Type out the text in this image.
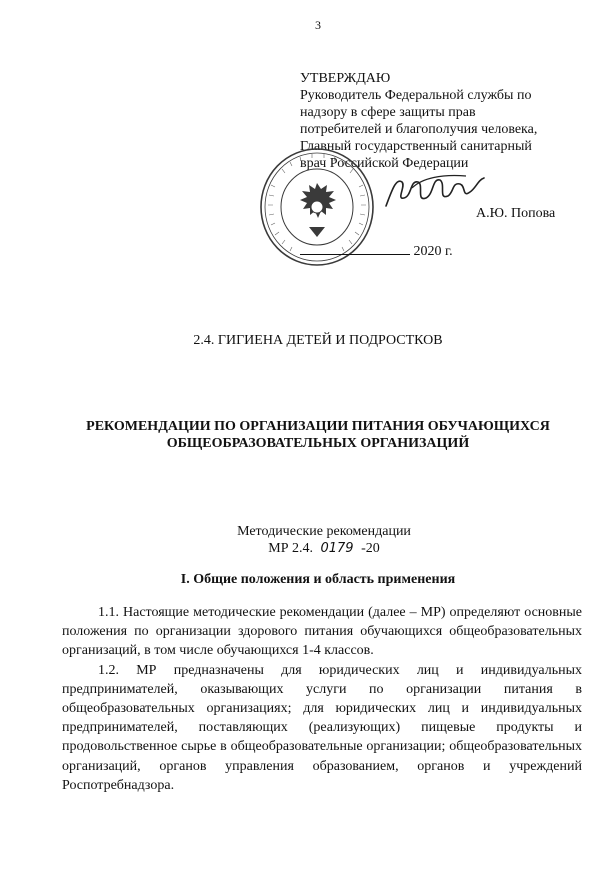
3
УТВЕРЖДАЮ
Руководитель Федеральной службы по
надзору в сфере защиты прав
потребителей и благополучия человека,
Главный государственный санитарный
врач Российской Федерации
А.Ю. Попова
2020 г.
2.4. ГИГИЕНА ДЕТЕЙ И ПОДРОСТКОВ
РЕКОМЕНДАЦИИ ПО ОРГАНИЗАЦИИ ПИТАНИЯ ОБУЧАЮЩИХСЯ
ОБЩЕОБРАЗОВАТЕЛЬНЫХ ОРГАНИЗАЦИЙ
Методические рекомендации
МР 2.4. 0179 -20
I. Общие положения и область применения

1.1. Настоящие методические рекомендации (далее – МР) определяют основные положения по организации здорового питания обучающихся общеобразовательных организаций, в том числе обучающихся 1-4 классов.

1.2. МР предназначены для юридических лиц и индивидуальных предпринимателей, оказывающих услуги по организации питания в общеобразовательных организациях; для юридических лиц и индивидуальных предпринимателей, поставляющих (реализующих) пищевые продукты и продовольственное сырье в общеобразовательные организации; общеобразовательных организаций, органов управления образованием, органов и учреждений Роспотребнадзора.
